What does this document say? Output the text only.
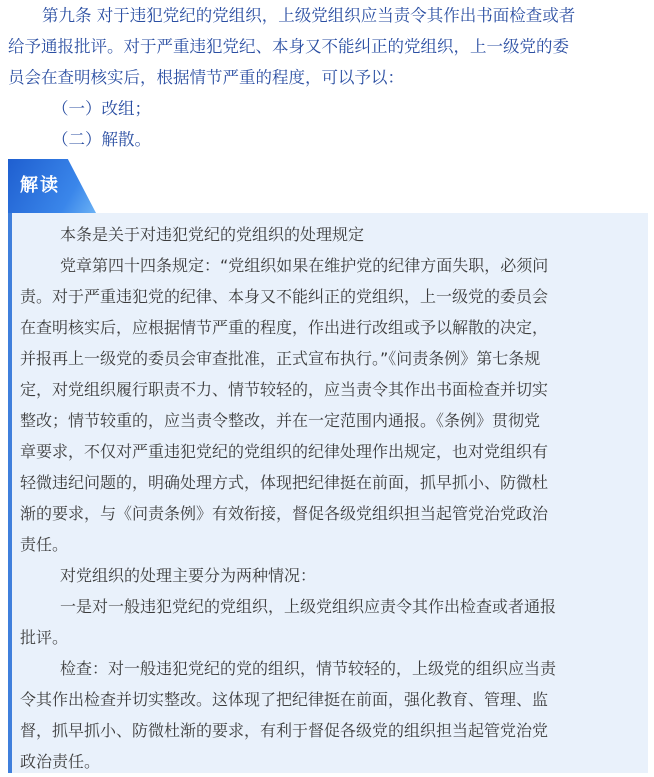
第九条 对于违犯党纪的党组织，上级党组织应当责令其作出书面检查或者
给予通报批评。对于严重违犯党纪、本身又不能纠正的党组织，上一级党的委
员会在查明核实后，根据情节严重的程度，可以予以：
（一）改组；
（二）解散。
解读
本条是关于对违犯党纪的党组织的处理规定
党章第四十四条规定：“党组织如果在维护党的纪律方面失职，必须问
责。对于严重违犯党的纪律、本身又不能纠正的党组织，上一级党的委员会
在查明核实后，应根据情节严重的程度，作出进行改组或予以解散的决定，
并报再上一级党的委员会审查批准，正式宣布执行。”《问责条例》第七条规
定，对党组织履行职责不力、情节较轻的，应当责令其作出书面检查并切实
整改；情节较重的，应当责令整改，并在一定范围内通报。《条例》贯彻党
章要求，不仅对严重违犯党纪的党组织的纪律处理作出规定，也对党组织有
轻微违纪问题的，明确处理方式，体现把纪律挺在前面，抓早抓小、防微杜
渐的要求，与《问责条例》有效衔接，督促各级党组织担当起管党治党政治
责任。
对党组织的处理主要分为两种情况：
一是对一般违犯党纪的党组织，上级党组织应责令其作出检查或者通报
批评。
检查：对一般违犯党纪的党的组织，情节较轻的，上级党的组织应当责
令其作出检查并切实整改。这体现了把纪律挺在前面，强化教育、管理、监
督，抓早抓小、防微杜渐的要求，有利于督促各级党的组织担当起管党治党
政治责任。
